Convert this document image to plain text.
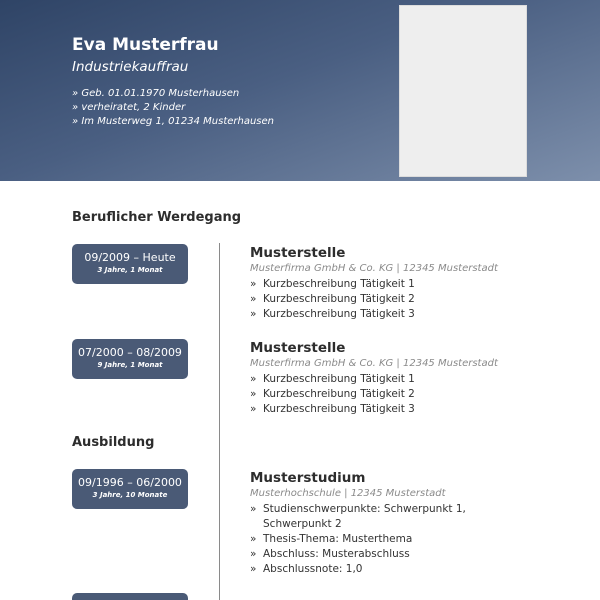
Eva Musterfrau
Industriekauffrau
» Geb. 01.01.1970 Musterhausen
» verheiratet, 2 Kinder
» Im Musterweg 1, 01234 Musterhausen
Beruflicher Werdegang
09/2009 – Heute
3 Jahre, 1 Monat
Musterstelle
Musterfirma GmbH & Co. KG | 12345 Musterstadt
» Kurzbeschreibung Tätigkeit 1
» Kurzbeschreibung Tätigkeit 2
» Kurzbeschreibung Tätigkeit 3
07/2000 – 08/2009
9 Jahre, 1 Monat
Musterstelle
Musterfirma GmbH & Co. KG | 12345 Musterstadt
» Kurzbeschreibung Tätigkeit 1
» Kurzbeschreibung Tätigkeit 2
» Kurzbeschreibung Tätigkeit 3
Ausbildung
09/1996 – 06/2000
3 Jahre, 10 Monate
Musterstudium
Musterhochschule | 12345 Musterstadt
» Studienschwerpunkte: Schwerpunkt 1, Schwerpunkt 2
» Thesis-Thema: Musterthema
» Abschluss: Musterabschluss
» Abschlussnote: 1,0
